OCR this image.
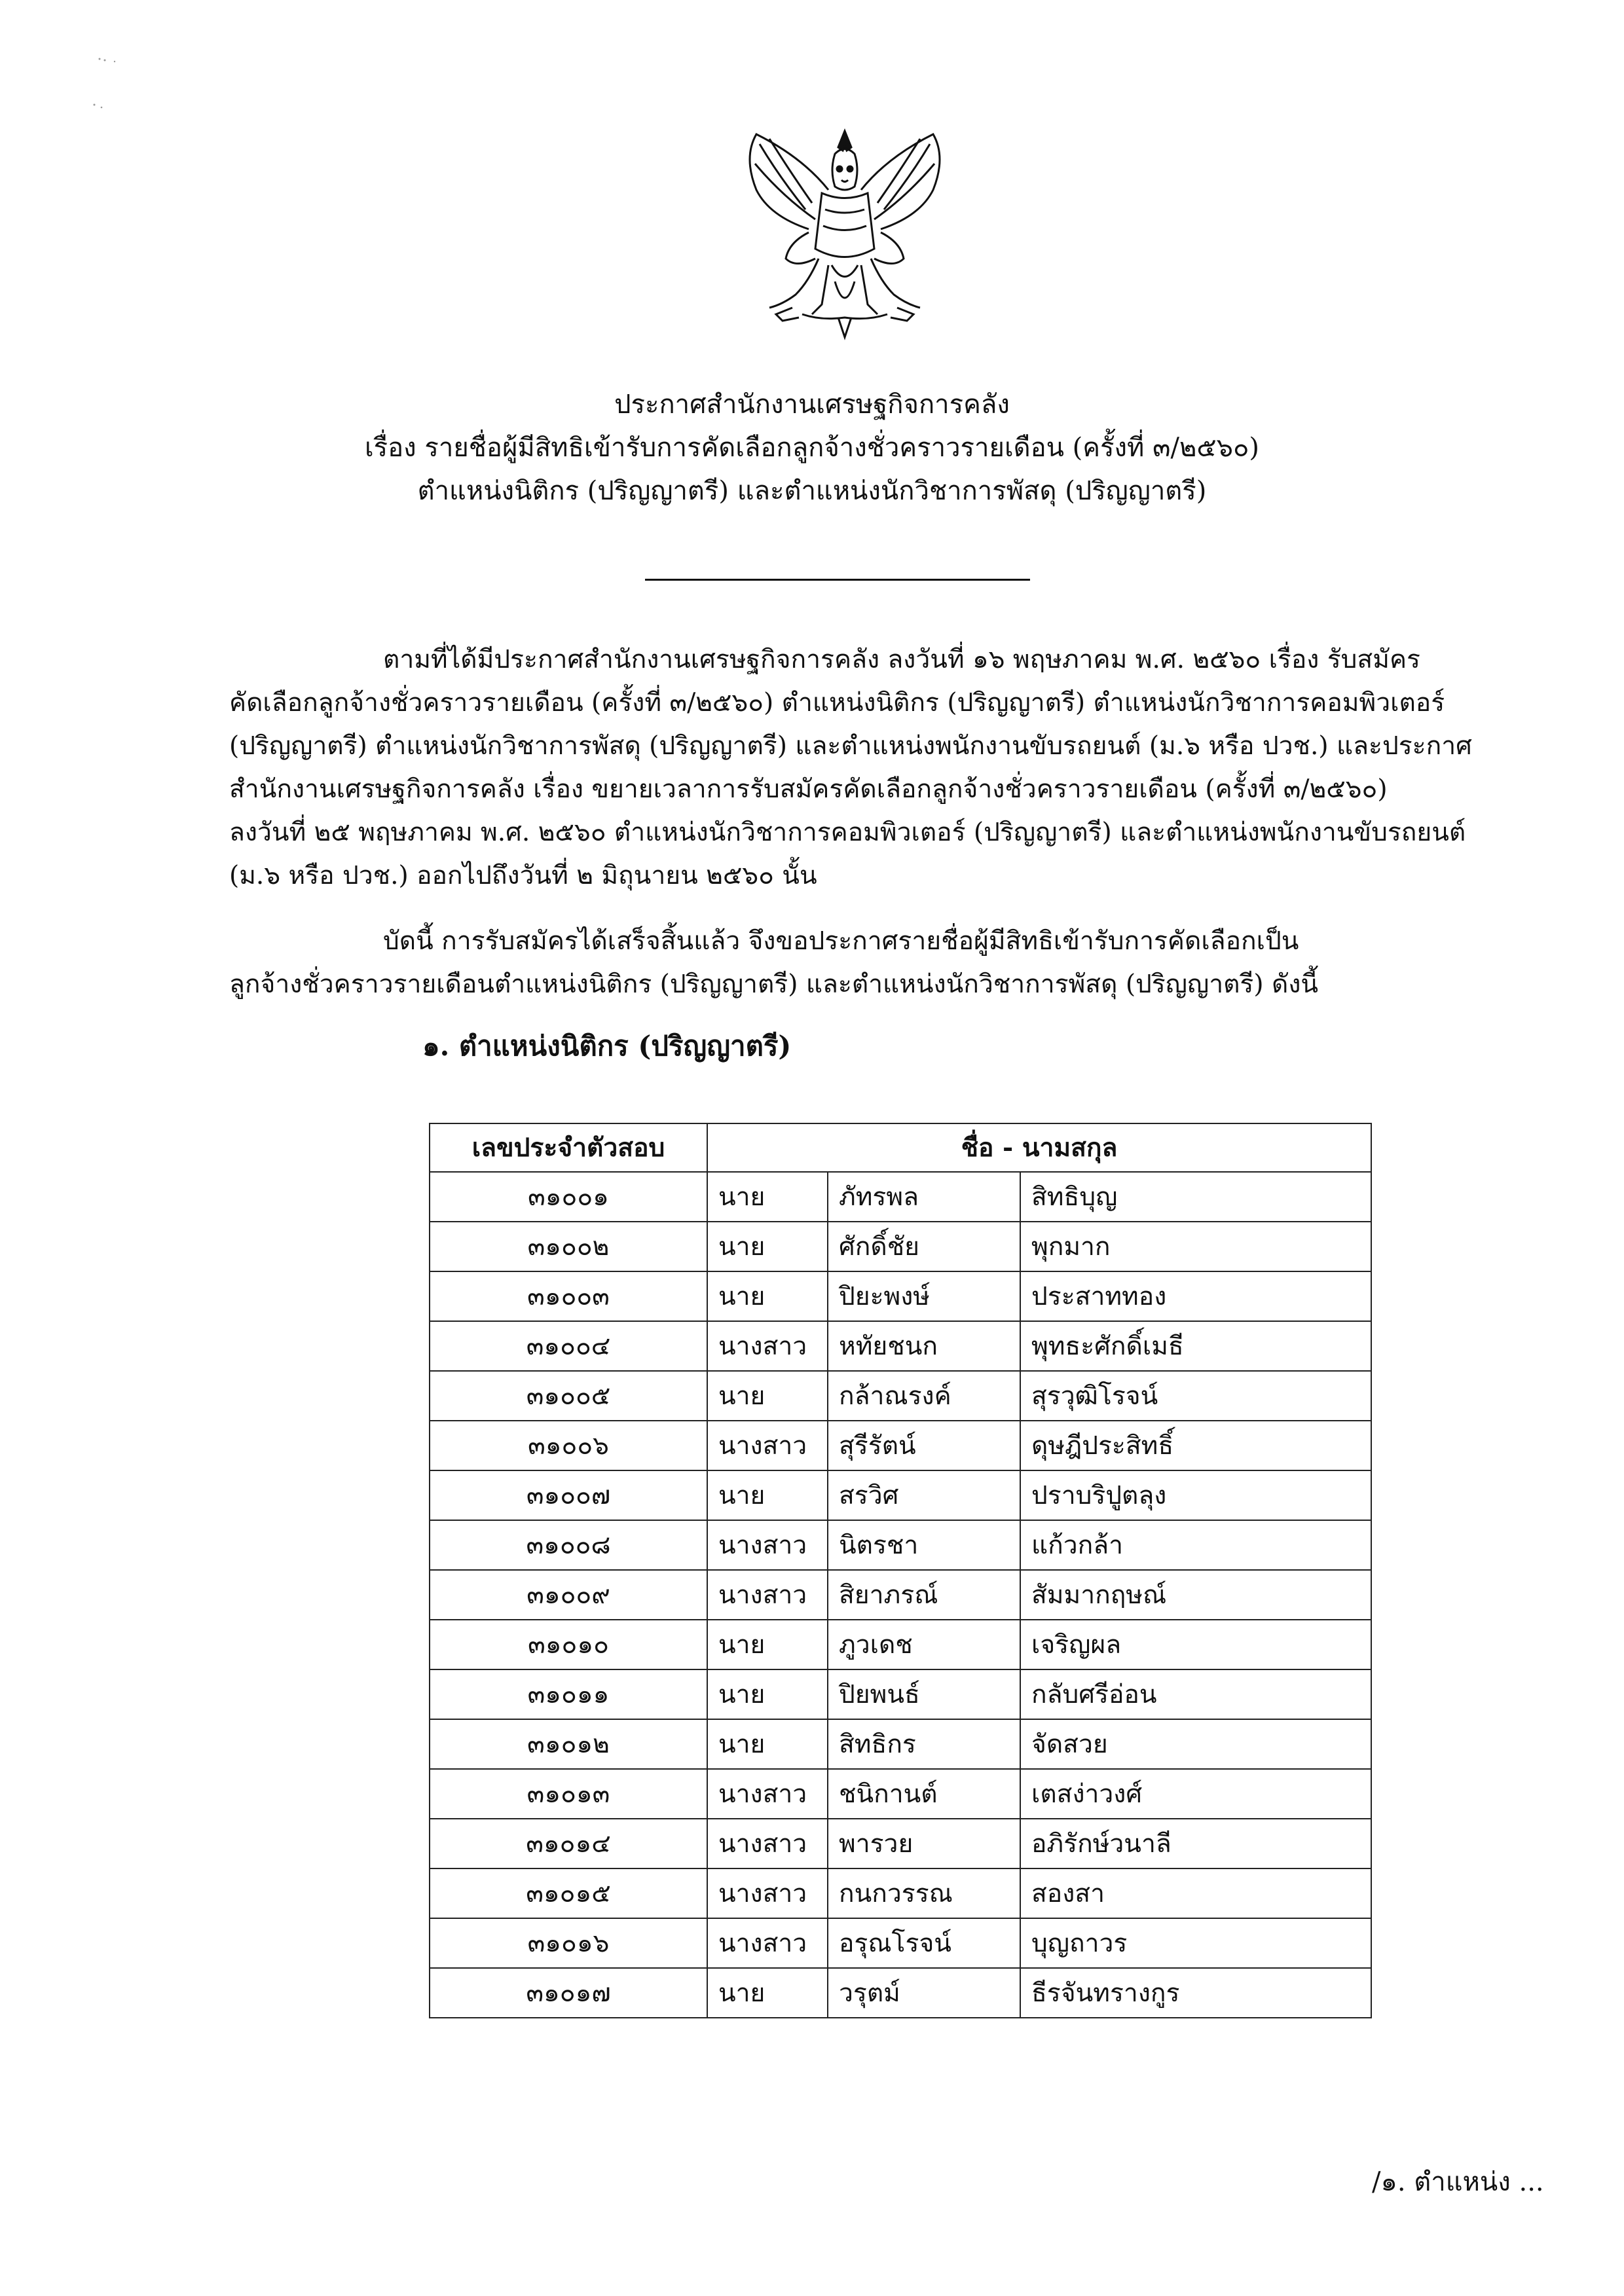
ประกาศสำนักงานเศรษฐกิจการคลัง
เรื่อง รายชื่อผู้มีสิทธิเข้ารับการคัดเลือกลูกจ้างชั่วคราวรายเดือน (ครั้งที่ ๓/๒๕๖๐)
ตำแหน่งนิติกร (ปริญญาตรี) และตำแหน่งนักวิชาการพัสดุ (ปริญญาตรี)
ตามที่ได้มีประกาศสำนักงานเศรษฐกิจการคลัง ลงวันที่ ๑๖ พฤษภาคม พ.ศ. ๒๕๖๐ เรื่อง รับสมัคร
คัดเลือกลูกจ้างชั่วคราวรายเดือน (ครั้งที่ ๓/๒๕๖๐) ตำแหน่งนิติกร (ปริญญาตรี) ตำแหน่งนักวิชาการคอมพิวเตอร์
(ปริญญาตรี) ตำแหน่งนักวิชาการพัสดุ (ปริญญาตรี) และตำแหน่งพนักงานขับรถยนต์ (ม.๖ หรือ ปวช.) และประกาศ
สำนักงานเศรษฐกิจการคลัง เรื่อง ขยายเวลาการรับสมัครคัดเลือกลูกจ้างชั่วคราวรายเดือน (ครั้งที่ ๓/๒๕๖๐)
ลงวันที่ ๒๕ พฤษภาคม พ.ศ. ๒๕๖๐ ตำแหน่งนักวิชาการคอมพิวเตอร์ (ปริญญาตรี) และตำแหน่งพนักงานขับรถยนต์
(ม.๖ หรือ ปวช.) ออกไปถึงวันที่ ๒ มิถุนายน ๒๕๖๐ นั้น
บัดนี้ การรับสมัครได้เสร็จสิ้นแล้ว จึงขอประกาศรายชื่อผู้มีสิทธิเข้ารับการคัดเลือกเป็น
ลูกจ้างชั่วคราวรายเดือนตำแหน่งนิติกร (ปริญญาตรี) และตำแหน่งนักวิชาการพัสดุ (ปริญญาตรี) ดังนี้
๑. ตำแหน่งนิติกร (ปริญญาตรี)
เลขประจำตัวสอบ	ชื่อ - นามสกุล		
๓๑๐๐๑	นาย	ภัทรพล	สิทธิบุญ
๓๑๐๐๒	นาย	ศักดิ์ชัย	พุกมาก
๓๑๐๐๓	นาย	ปิยะพงษ์	ประสาททอง
๓๑๐๐๔	นางสาว	หทัยชนก	พุทธะศักดิ์เมธี
๓๑๐๐๕	นาย	กล้าณรงค์	สุรวุฒิโรจน์
๓๑๐๐๖	นางสาว	สุรีรัตน์	ดุษฎีประสิทธิ์
๓๑๐๐๗	นาย	สรวิศ	ปราบริปูตลุง
๓๑๐๐๘	นางสาว	นิตรชา	แก้วกล้า
๓๑๐๐๙	นางสาว	สิยาภรณ์	สัมมากฤษณ์
๓๑๐๑๐	นาย	ภูวเดช	เจริญผล
๓๑๐๑๑	นาย	ปิยพนธ์	กลับศรีอ่อน
๓๑๐๑๒	นาย	สิทธิกร	จัดสวย
๓๑๐๑๓	นางสาว	ชนิกานต์	เตสง่าวงศ์
๓๑๐๑๔	นางสาว	พารวย	อภิรักษ์วนาลี
๓๑๐๑๕	นางสาว	กนกวรรณ	สองสา
๓๑๐๑๖	นางสาว	อรุณโรจน์	บุญถาวร
๓๑๐๑๗	นาย	วรุตม์	ธีรจันทรางกูร
/๑. ตำแหน่ง ...
